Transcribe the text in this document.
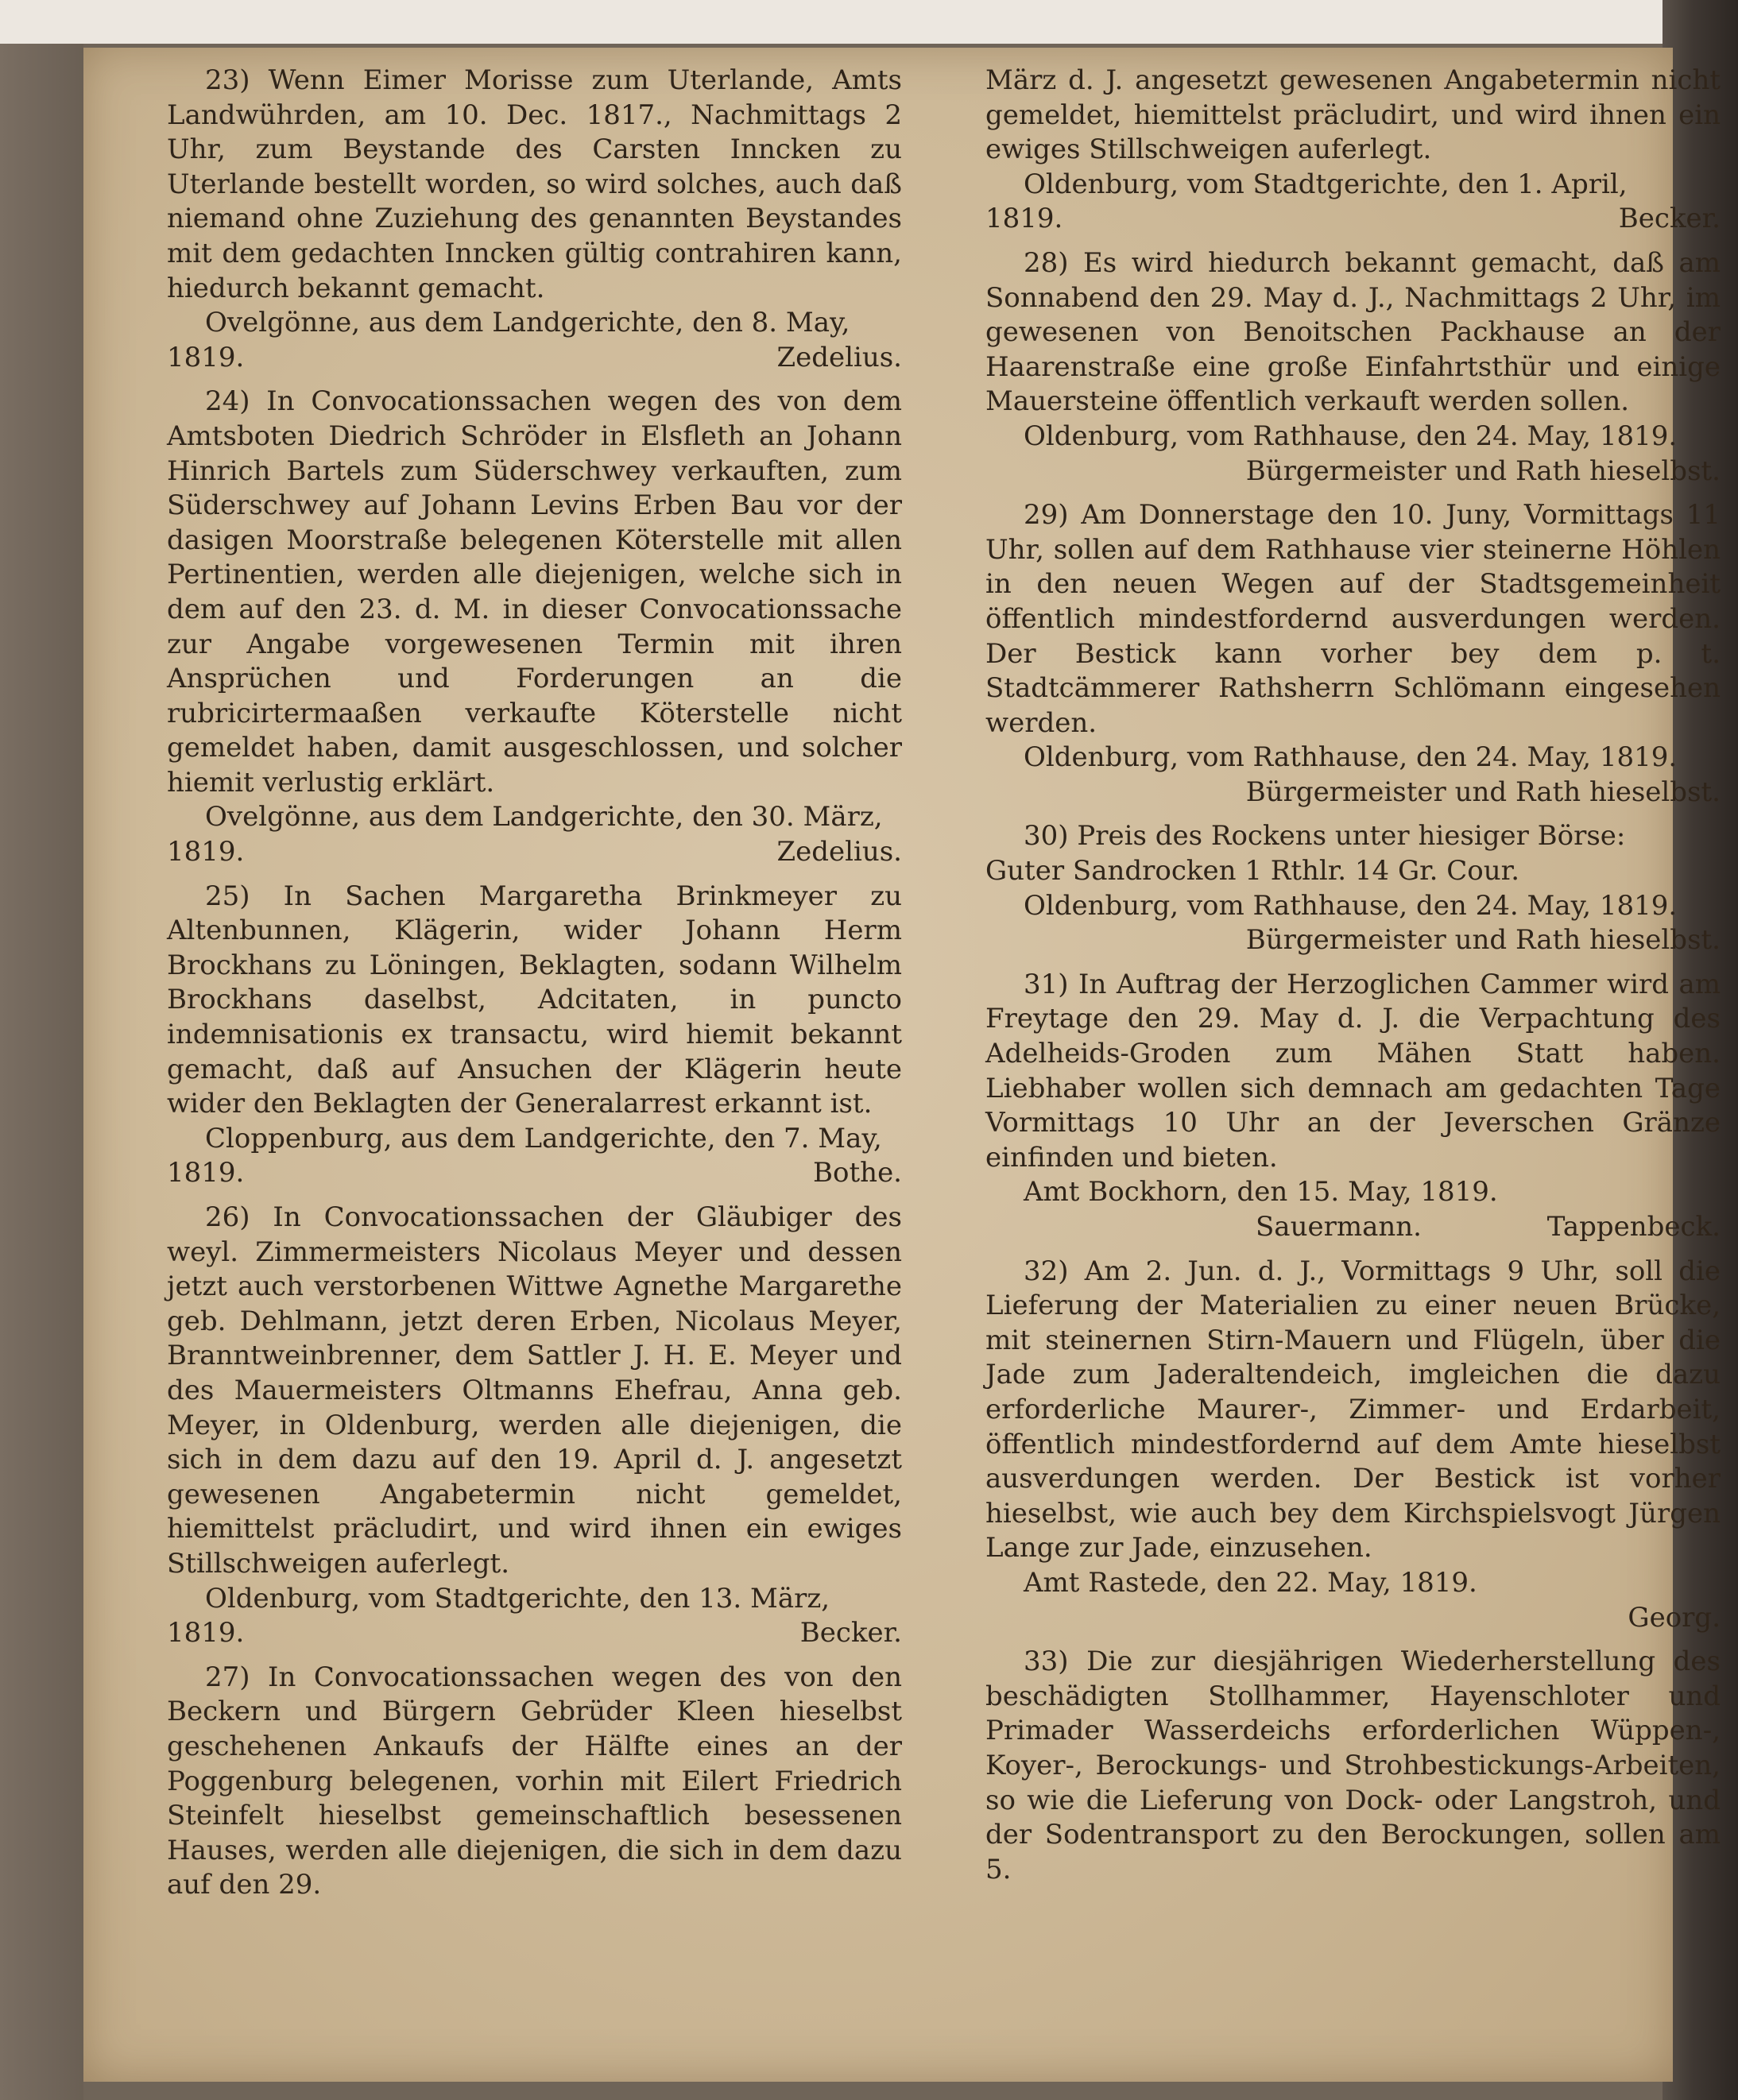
23) Wenn Eimer Morisse zum Uterlande, Amts Landwührden, am 10. Dec. 1817., Nachmittags 2 Uhr, zum Beystande des Carsten Inncken zu Uterlande bestellt worden, so wird solches, auch daß niemand ohne Zuziehung des genannten Beystandes mit dem gedachten Inncken gültig contrahiren kann, hiedurch bekannt gemacht.

Ovelgönne, aus dem Landgerichte, den 8. May,

1819.	Zedelius.

24) In Convocationssachen wegen des von dem Amtsboten Diedrich Schröder in Elsfleth an Johann Hinrich Bartels zum Süderschwey verkauften, zum Süderschwey auf Johann Levins Erben Bau vor der dasigen Moorstraße belegenen Köterstelle mit allen Pertinentien, werden alle diejenigen, welche sich in dem auf den 23. d. M. in dieser Convocationssache zur Angabe vorgewesenen Termin mit ihren Ansprüchen und Forderungen an die rubricirtermaaßen verkaufte Köterstelle nicht gemeldet haben, damit ausgeschlossen, und solcher hiemit verlustig erklärt.

Ovelgönne, aus dem Landgerichte, den 30. März,

1819.	Zedelius.

25) In Sachen Margaretha Brinkmeyer zu Altenbunnen, Klägerin, wider Johann Herm Brockhans zu Löningen, Beklagten, sodann Wilhelm Brockhans daselbst, Adcitaten, in puncto indemnisationis ex transactu, wird hiemit bekannt gemacht, daß auf Ansuchen der Klägerin heute wider den Beklagten der Generalarrest erkannt ist.

Cloppenburg, aus dem Landgerichte, den 7. May,

1819.	Bothe.

26) In Convocationssachen der Gläubiger des weyl. Zimmermeisters Nicolaus Meyer und dessen jetzt auch verstorbenen Wittwe Agnethe Margarethe geb. Dehlmann, jetzt deren Erben, Nicolaus Meyer, Branntweinbrenner, dem Sattler J. H. E. Meyer und des Mauermeisters Oltmanns Ehefrau, Anna geb. Meyer, in Oldenburg, werden alle diejenigen, die sich in dem dazu auf den 19. April d. J. angesetzt gewesenen Angabetermin nicht gemeldet, hiemittelst präcludirt, und wird ihnen ein ewiges Stillschweigen auferlegt.

Oldenburg, vom Stadtgerichte, den 13. März,

1819.	Becker.

27) In Convocationssachen wegen des von den Beckern und Bürgern Gebrüder Kleen hieselbst geschehenen Ankaufs der Hälfte eines an der Poggenburg belegenen, vorhin mit Eilert Friedrich Steinfelt hieselbst gemeinschaftlich besessenen Hauses, werden alle diejenigen, die sich in dem dazu auf den 29.

März d. J. angesetzt gewesenen Angabetermin nicht gemeldet, hiemittelst präcludirt, und wird ihnen ein ewiges Stillschweigen auferlegt.

Oldenburg, vom Stadtgerichte, den 1. April,

1819.	Becker.

28) Es wird hiedurch bekannt gemacht, daß am Sonnabend den 29. May d. J., Nachmittags 2 Uhr, im gewesenen von Benoitschen Packhause an der Haarenstraße eine große Einfahrtsthür und einige Mauersteine öffentlich verkauft werden sollen.

Oldenburg, vom Rathhause, den 24. May, 1819.

Bürgermeister und Rath hieselbst.

29) Am Donnerstage den 10. Juny, Vormittags 11 Uhr, sollen auf dem Rathhause vier steinerne Höhlen in den neuen Wegen auf der Stadtsgemeinheit öffentlich mindestfordernd ausverdungen werden. Der Bestick kann vorher bey dem p. t. Stadtcämmerer Rathsherrn Schlömann eingesehen werden.

Oldenburg, vom Rathhause, den 24. May, 1819.

Bürgermeister und Rath hieselbst.

30) Preis des Rockens unter hiesiger Börse:

Guter Sandrocken 1 Rthlr. 14 Gr. Cour.

Oldenburg, vom Rathhause, den 24. May, 1819.

Bürgermeister und Rath hieselbst.

31) In Auftrag der Herzoglichen Cammer wird am Freytage den 29. May d. J. die Verpachtung des Adelheids-Groden zum Mähen Statt haben. Liebhaber wollen sich demnach am gedachten Tage Vormittags 10 Uhr an der Jeverschen Gränze einfinden und bieten.

Amt Bockhorn, den 15. May, 1819.

Sauermann.	Tappenbeck.

32) Am 2. Jun. d. J., Vormittags 9 Uhr, soll die Lieferung der Materialien zu einer neuen Brücke, mit steinernen Stirn-Mauern und Flügeln, über die Jade zum Jaderaltendeich, imgleichen die dazu erforderliche Maurer-, Zimmer- und Erdarbeit, öffentlich mindestfordernd auf dem Amte hieselbst ausverdungen werden. Der Bestick ist vorher hieselbst, wie auch bey dem Kirchspielsvogt Jürgen Lange zur Jade, einzusehen.

Amt Rastede, den 22. May, 1819.

Georg.

33) Die zur diesjährigen Wiederherstellung des beschädigten Stollhammer, Hayenschloter und Primader Wasserdeichs erforderlichen Wüppen-, Koyer-, Berockungs- und Strohbestickungs-Arbeiten, so wie die Lieferung von Dock- oder Langstroh, und der Sodentransport zu den Berockungen, sollen am 5.
